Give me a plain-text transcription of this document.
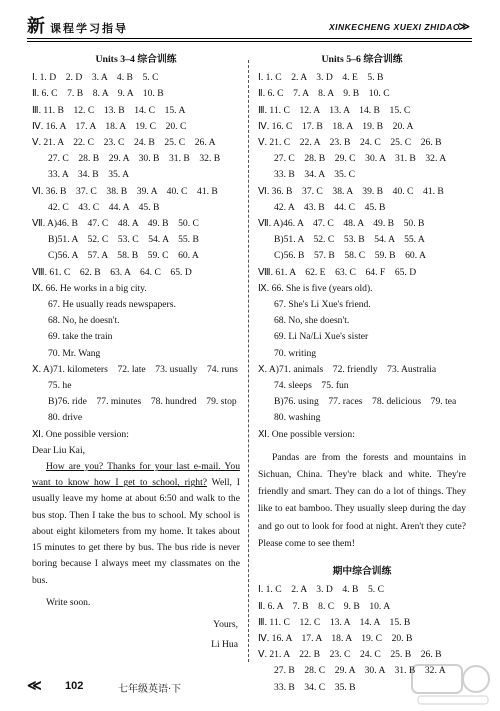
新 课程学习指导	XINKECHENG XUEXI ZHIDAO
≫
Units 3–4 综合训练
Ⅰ. 1. D　2. D　3. A　4. B　5. C
Ⅱ. 6. C　7. B　8. A　9. A　10. B
Ⅲ. 11. B　12. C　13. B　14. C　15. A
Ⅳ. 16. A　17. A　18. A　19. C　20. C
Ⅴ. 21. A　22. C　23. C　24. B　25. C　26. A
27. C　28. B　29. A　30. B　31. B　32. B
33. A　34. B　35. A
Ⅵ. 36. B　37. C　38. B　39. A　40. C　41. B
42. C　43. C　44. A　45. B
Ⅶ. A)46. B　47. C　48. A　49. B　50. C
B)51. A　52. C　53. C　54. A　55. B
C)56. A　57. A　58. B　59. C　60. A
Ⅷ. 61. C　62. B　63. A　64. C　65. D
Ⅸ. 66. He works in a big city.
67. He usually reads newspapers.
68. No, he doesn't.
69. take the train
70. Mr. Wang
Ⅹ. A)71. kilometers　72. late　73. usually　74. runs
75. he
B)76. ride　77. minutes　78. hundred　79. stop
80. drive
Ⅺ. One possible version:
Dear Liu Kai,
How are you? Thanks for your last e-mail. You want to know how I get to school, right? Well, I usually leave my home at about 6:50 and walk to the bus stop. Then I take the bus to school. My school is about eight kilometers from my home. It takes about 15 minutes to get there by bus. The bus ride is never boring because I always meet my classmates on the bus.
Write soon.
Yours,
Li Hua
Units 5–6 综合训练
Ⅰ. 1. C　2. A　3. D　4. E　5. B
Ⅱ. 6. C　7. A　8. A　9. B　10. C
Ⅲ. 11. C　12. A　13. A　14. B　15. C
Ⅳ. 16. C　17. B　18. A　19. B　20. A
Ⅴ. 21. C　22. A　23. B　24. C　25. C　26. B
27. C　28. B　29. C　30. A　31. B　32. A
33. B　34. A　35. C
Ⅵ. 36. B　37. C　38. A　39. B　40. C　41. B
42. A　43. B　44. C　45. B
Ⅶ. A)46. A　47. C　48. A　49. B　50. B
B)51. A　52. C　53. B　54. A　55. A
C)56. B　57. B　58. C　59. B　60. A
Ⅷ. 61. A　62. E　63. C　64. F　65. D
Ⅸ. 66. She is five (years old).
67. She's Li Xue's friend.
68. No, she doesn't.
69. Li Na/Li Xue's sister
70. writing
Ⅹ. A)71. animals　72. friendly　73. Australia
74. sleeps　75. fun
B)76. using　77. races　78. delicious　79. tea
80. washing
Ⅺ. One possible version:
Pandas are from the forests and mountains in Sichuan, China. They're black and white. They're friendly and smart. They can do a lot of things. They like to eat bamboo. They usually sleep during the day and go out to look for food at night. Aren't they cute?　Please come to see them!
期中综合训练
Ⅰ. 1. C　2. A　3. D　4. B　5. C
Ⅱ. 6. A　7. B　8. C　9. B　10. A
Ⅲ. 11. C　12. C　13. A　14. A　15. B
Ⅳ. 16. A　17. A　18. A　19. C　20. B
Ⅴ. 21. A　22. B　23. C　24. C　25. B　26. B
27. B　28. C　29. A　30. A　31. B　32. A
33. B　34. C　35. B
≪ 102	七年级英语·下
